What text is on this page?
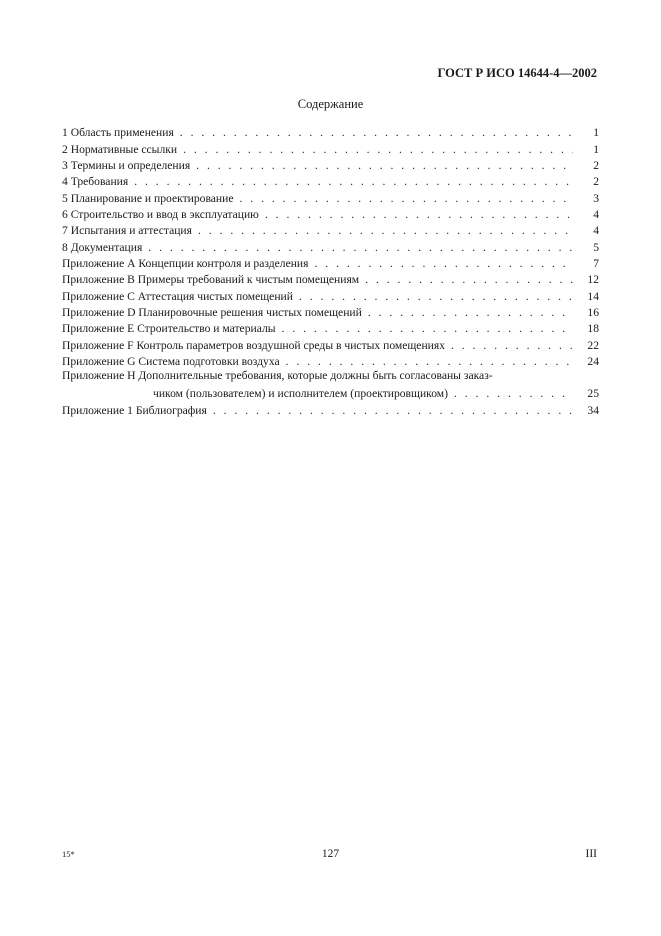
ГОСТ Р ИСО 14644-4—2002
Содержание
1 Область применения . . .	1
2 Нормативные ссылки . . .	1
3 Термины и определения . . .	2
4 Требования . . .	2
5 Планирование и проектирование . . .	3
6 Строительство и ввод в эксплуатацию . . .	4
7 Испытания и аттестация . . .	4
8 Документация . . .	5
Приложение А Концепции контроля и разделения . . .	7
Приложение В Примеры требований к чистым помещениям . . .	12
Приложение С Аттестация чистых помещений . . .	14
Приложение D Планировочные решения чистых помещений . . .	16
Приложение Е Строительство и материалы . . .	18
Приложение F Контроль параметров воздушной среды в чистых помещениях . . .	22
Приложение G Система подготовки воздуха . . .	24
Приложение Н Дополнительные требования, которые должны быть согласованы заказ-
чиком (пользователем) и исполнителем (проектировщиком) . . .	25
Приложение 1 Библиография . . .	34
15*	127	III
